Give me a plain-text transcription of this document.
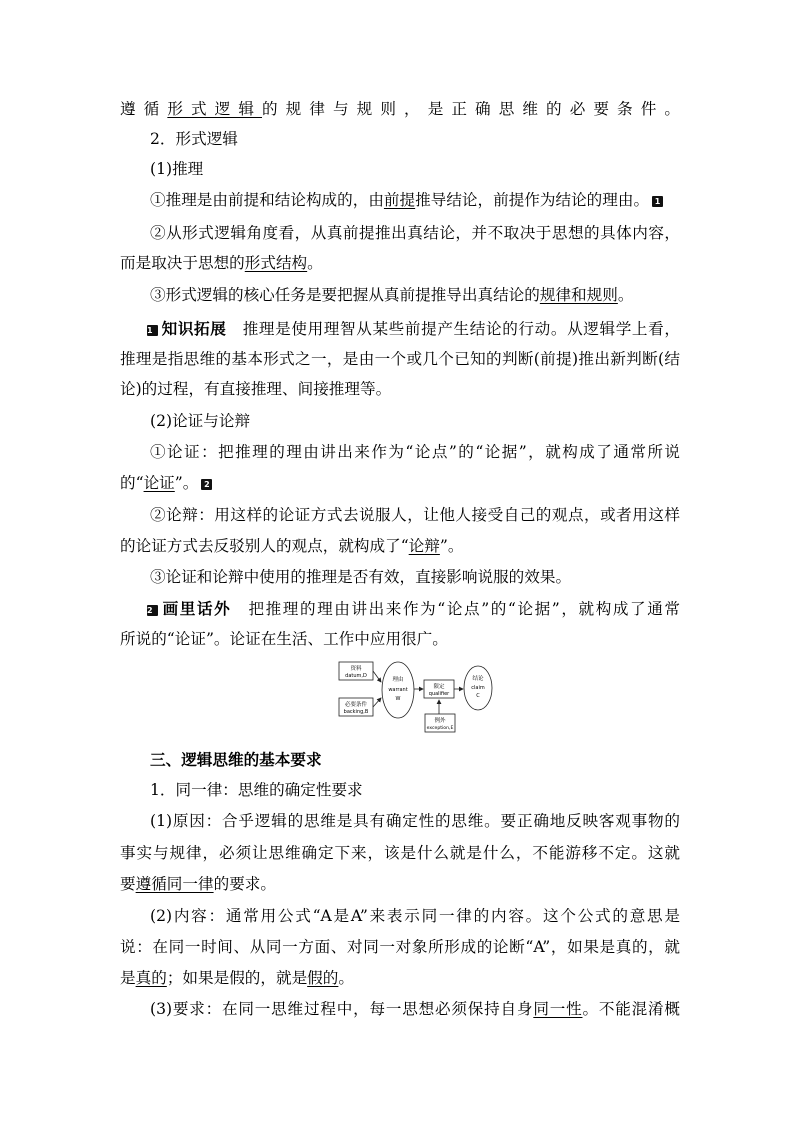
遵循形式逻辑的规律与规则，是正确思维的必要条件。
2．形式逻辑
(1)推理
①推理是由前提和结论构成的，由前提推导结论，前提作为结论的理由。 1
②从形式逻辑角度看，从真前提推出真结论，并不取决于思想的具体内容，
而是取决于思想的形式结构。
③形式逻辑的核心任务是要把握从真前提推导出真结论的规律和规则。
1 知识拓展　 推理是使用理智从某些前提产生结论的行动。从逻辑学上看，
推理是指思维的基本形式之一，是由一个或几个已知的判断(前提)推出新判断(结
论)的过程，有直接推理、间接推理等。
(2)论证与论辩
①论证：把推理的理由讲出来作为“论点”的“论据”，就构成了通常所说
的“论证”。 2
②论辩：用这样的论证方式去说服人，让他人接受自己的观点，或者用这样
的论证方式去反驳别人的观点，就构成了“论辩”。
③论证和论辩中使用的推理是否有效，直接影响说服的效果。
2 画里话外　 把推理的理由讲出来作为“论点”的“论据”，就构成了通常
所说的“论证”。论证在生活、工作中应用很广。
资料
datum,D
必要条件
backing,B
理由
warrant
W
限定
qualifier
结论
claim
C
例外
exception,E
三、逻辑思维的基本要求
1．同一律：思维的确定性要求
(1)原因：合乎逻辑的思维是具有确定性的思维。要正确地反映客观事物的
事实与规律，必须让思维确定下来，该是什么就是什么，不能游移不定。这就
要遵循同一律的要求。
(2)内容：通常用公式“A是A”来表示同一律的内容。这个公式的意思是
说：在同一时间、从同一方面、对同一对象所形成的论断“A”，如果是真的，就
是真的；如果是假的，就是假的。
(3)要求：在同一思维过程中，每一思想必须保持自身同一性。不能混淆概
